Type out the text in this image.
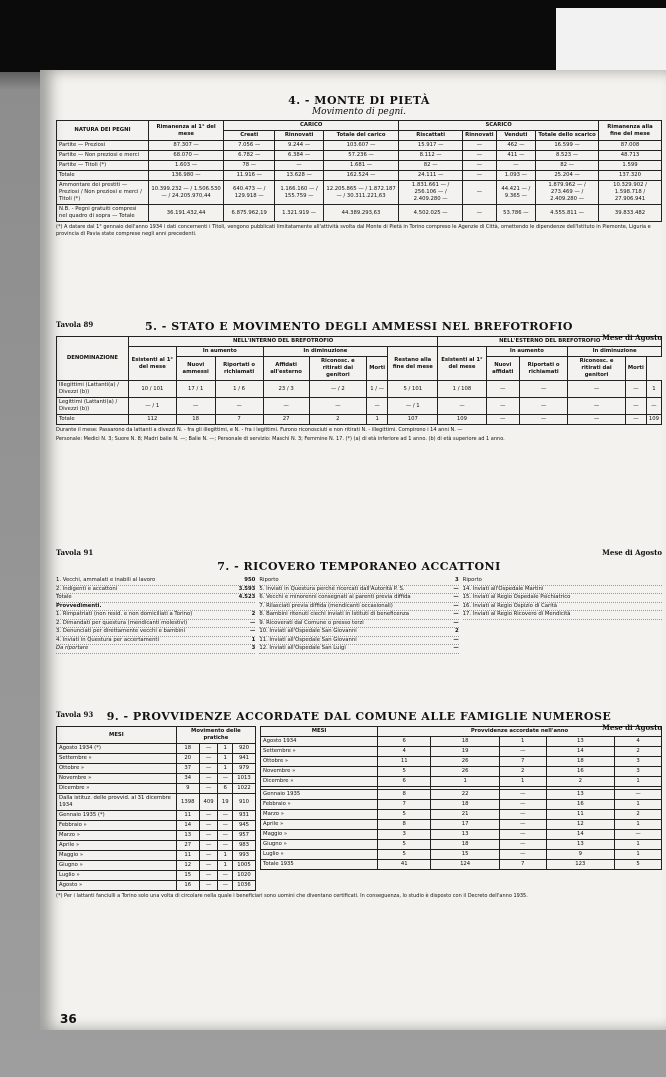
4. - MONTE DI PIETÀ
Movimento di pegni.
NATURA DEI PEGNI	Rimanenza al 1° del mese	CARICO			SCARICO				Rimanenza alla fine del mese
		Creati	Rinnovati	Totale del carico	Riscattati	Rinnovati	Venduti	Totale dello scarico	
Partite — Preziosi	87.307 —	7.056 —	9.244 —	103.607 —	15.917 —	—	462 —	16.599 —	87.008
Partite — Non preziosi e merci	68.070 —	6.782 —	6.384 —	57.236 —	8.112 —	—	411 —	8.523 —	48.713
Partite — Titoli (*)	1.603 —	78 —	—	1.681 —	82 —	—	—	82 —	1.599
Totale	136.980 —	11.916 —	13.628 —	162.524 —	24.111 —	—	1.093 —	25.204 —	137.320
Ammontare dei prestiti — Preziosi / Non preziosi e merci / Titoli (*)	10.399.232 — / 1.506.530 — / 24.205.970,44	640.473 — / 129.918 —	1.166.160 — / 155.759 —	12.205.865 — / 1.872.187 — / 30.311.221,63	1.831.661 — / 256.106 — / 2.409.280 —	—	44.421 — / 9.365 —	1.879.962 — / 273.469 — / 2.409.280 —	10.329.902 / 1.598.718 / 27.906.941
N.B. - Pegni gratuiti compresi nel quadro di sopra — Totale	36.191.432,44	6.875.962,19	1.321.919 —	44.389.293,63	4.502.025 —	—	53.786 —	4.555.811 —	39.833.482
(*) A datare dal 1° gennaio dell'anno 1934 i dati concernenti i Titoli, vengono pubblicati limitatamente all'attività svolta dal Monte di Pietà in Torino compreso le Agenzie di Città, omettendo le dipendenze dell'Istituto in Piemonte, Liguria e provincia di Pavia state comprese negli anni precedenti.
Tavola 89	5. - STATO E MOVIMENTO DEGLI AMMESSI NEL BREFOTROFIO
Mese di Agosto
DENOMINAZIONE	NELL'INTERNO DEL BREFOTROFIO							NELL'ESTERNO DEL BREFOTROFIO					
	Esistenti al 1° del mese	In aumento		In diminuzione			Restano alla fine del mese	Esistenti al 1° del mese	In aumento		In diminuzione		
		Nuovi ammessi	Riportati o richiamati	Affidati all'esterno	Riconosc. e ritirati dai genitori	Morti			Nuovi affidati	Riportati o richiamati	Riconosc. e ritirati dai genitori	Morti	
Illegittimi (Lattanti(a) / Divezzi (b))	10 / 101	17 / 1	1 / 6	23 / 3	— / 2	1 / —	5 / 101	1 / 108	—	—	—	—	1
Legittimi (Lattanti(a) / Divezzi (b))	— / 1	—	—	—	—	—	— / 1	—	—	—	—	—	—
Totale	112	18	7	27	2	1	107	109	—	—	—	—	109
Durante il mese: Passarono da lattanti a divezzi N. - fra gli illegittimi, e N. - fra i legittimi. Furono riconosciuti e non ritirati N. - illegittimi. Compirono i 14 anni N. —
Personale: Medici N. 3; Suore N. 8; Madri balie N. —; Balie N. —; Personale di servizio: Maschi N. 3; Femmine N. 17. (*) (a) di età inferiore ad 1 anno. (b) di età superiore ad 1 anno.
Tavola 91	Mese di Agosto
7. - RICOVERO TEMPORANEO ACCATTONI
1. Vecchi, ammalati e inabili al lavoro	950
2. Indigenti e accattoni	3.593
Totale	4.523
Provvedimenti.
1. Rimpatriati (non resid. e non domiciliati a Torino)	2
2. Dimandati per questura (mendicanti molestivi)	—
3. Denunciati per direttamente vecchi e bambini	—
4. Inviati in Questura per accertamenti	1
Da riportare	3
Riporto	3
5. Inviati in Questura perché ricercati dall'Autorità P. S.	—
6. Vecchi e minorenni consegnati ai parenti previa diffida	—
7. Rilasciati previa diffida (mendicanti occasionali)	—
8. Bambini ritenuti ciechi inviati in Istituti di beneficenza	—
9. Ricoverati dal Comune o presso terzi	—
10. Inviati all'Ospedale San Giovanni	2
11. Inviati all'Ospedale San Giovanni	—
12. Inviati all'Ospedale San Luigi	—
Riporto
14. Inviati all'Ospedale Martini
15. Inviati al Regio Ospedale Psichiatrico
16. Inviati al Regio Ospizio di Carità
17. Inviati al Regio Ricovero di Mendicità
Tavola 93	9. - PROVVIDENZE ACCORDATE DAL COMUNE ALLE FAMIGLIE NUMEROSE
Mese di Agosto
MESI	Movimento delle pratiche			
Agosto 1934 (*)	18	—	1	920
Settembre »	20	—	1	941
Ottobre »	37	—	1	979
Novembre »	34	—	—	1013
Dicembre »	9	—	6	1022
Dalla istituz. delle provvid. al 31 dicembre 1934	1398	409	19	910
Gennaio 1935 (*)	11	—	—	931
Febbraio »	14	—	—	945
Marzo »	13	—	—	957
Aprile »	27	—	—	983
Maggio »	11	—	1	993
Giugno »	12	—	1	1005
Luglio »	15	—	—	1020
Agosto »	16	—	—	1036
MESI	Provvidenze accordate nell'anno				
Agosto 1934	6	18	1	13	4
Settembre »	4	19	—	14	2
Ottobre »	11	26	7	18	3
Novembre »	5	26	2	16	3
Dicembre »	6	1	1	2	1

Gennaio 1935	8	22	—	13	—
Febbraio »	7	18	—	16	1
Marzo »	5	21	—	11	2
Aprile »	8	17	—	12	1
Maggio »	3	13	—	14	—
Giugno »	5	18	—	13	1
Luglio »	5	15	—	9	1
Totale 1935	41	124	7	123	5
(*) Per i lattanti fanciulli a Torino solo una volta di circolare nella quale i beneficiari sono uomini che diventano certificati. In conseguenza, lo studio è disposto con il Decreto dell'anno 1935.
36
